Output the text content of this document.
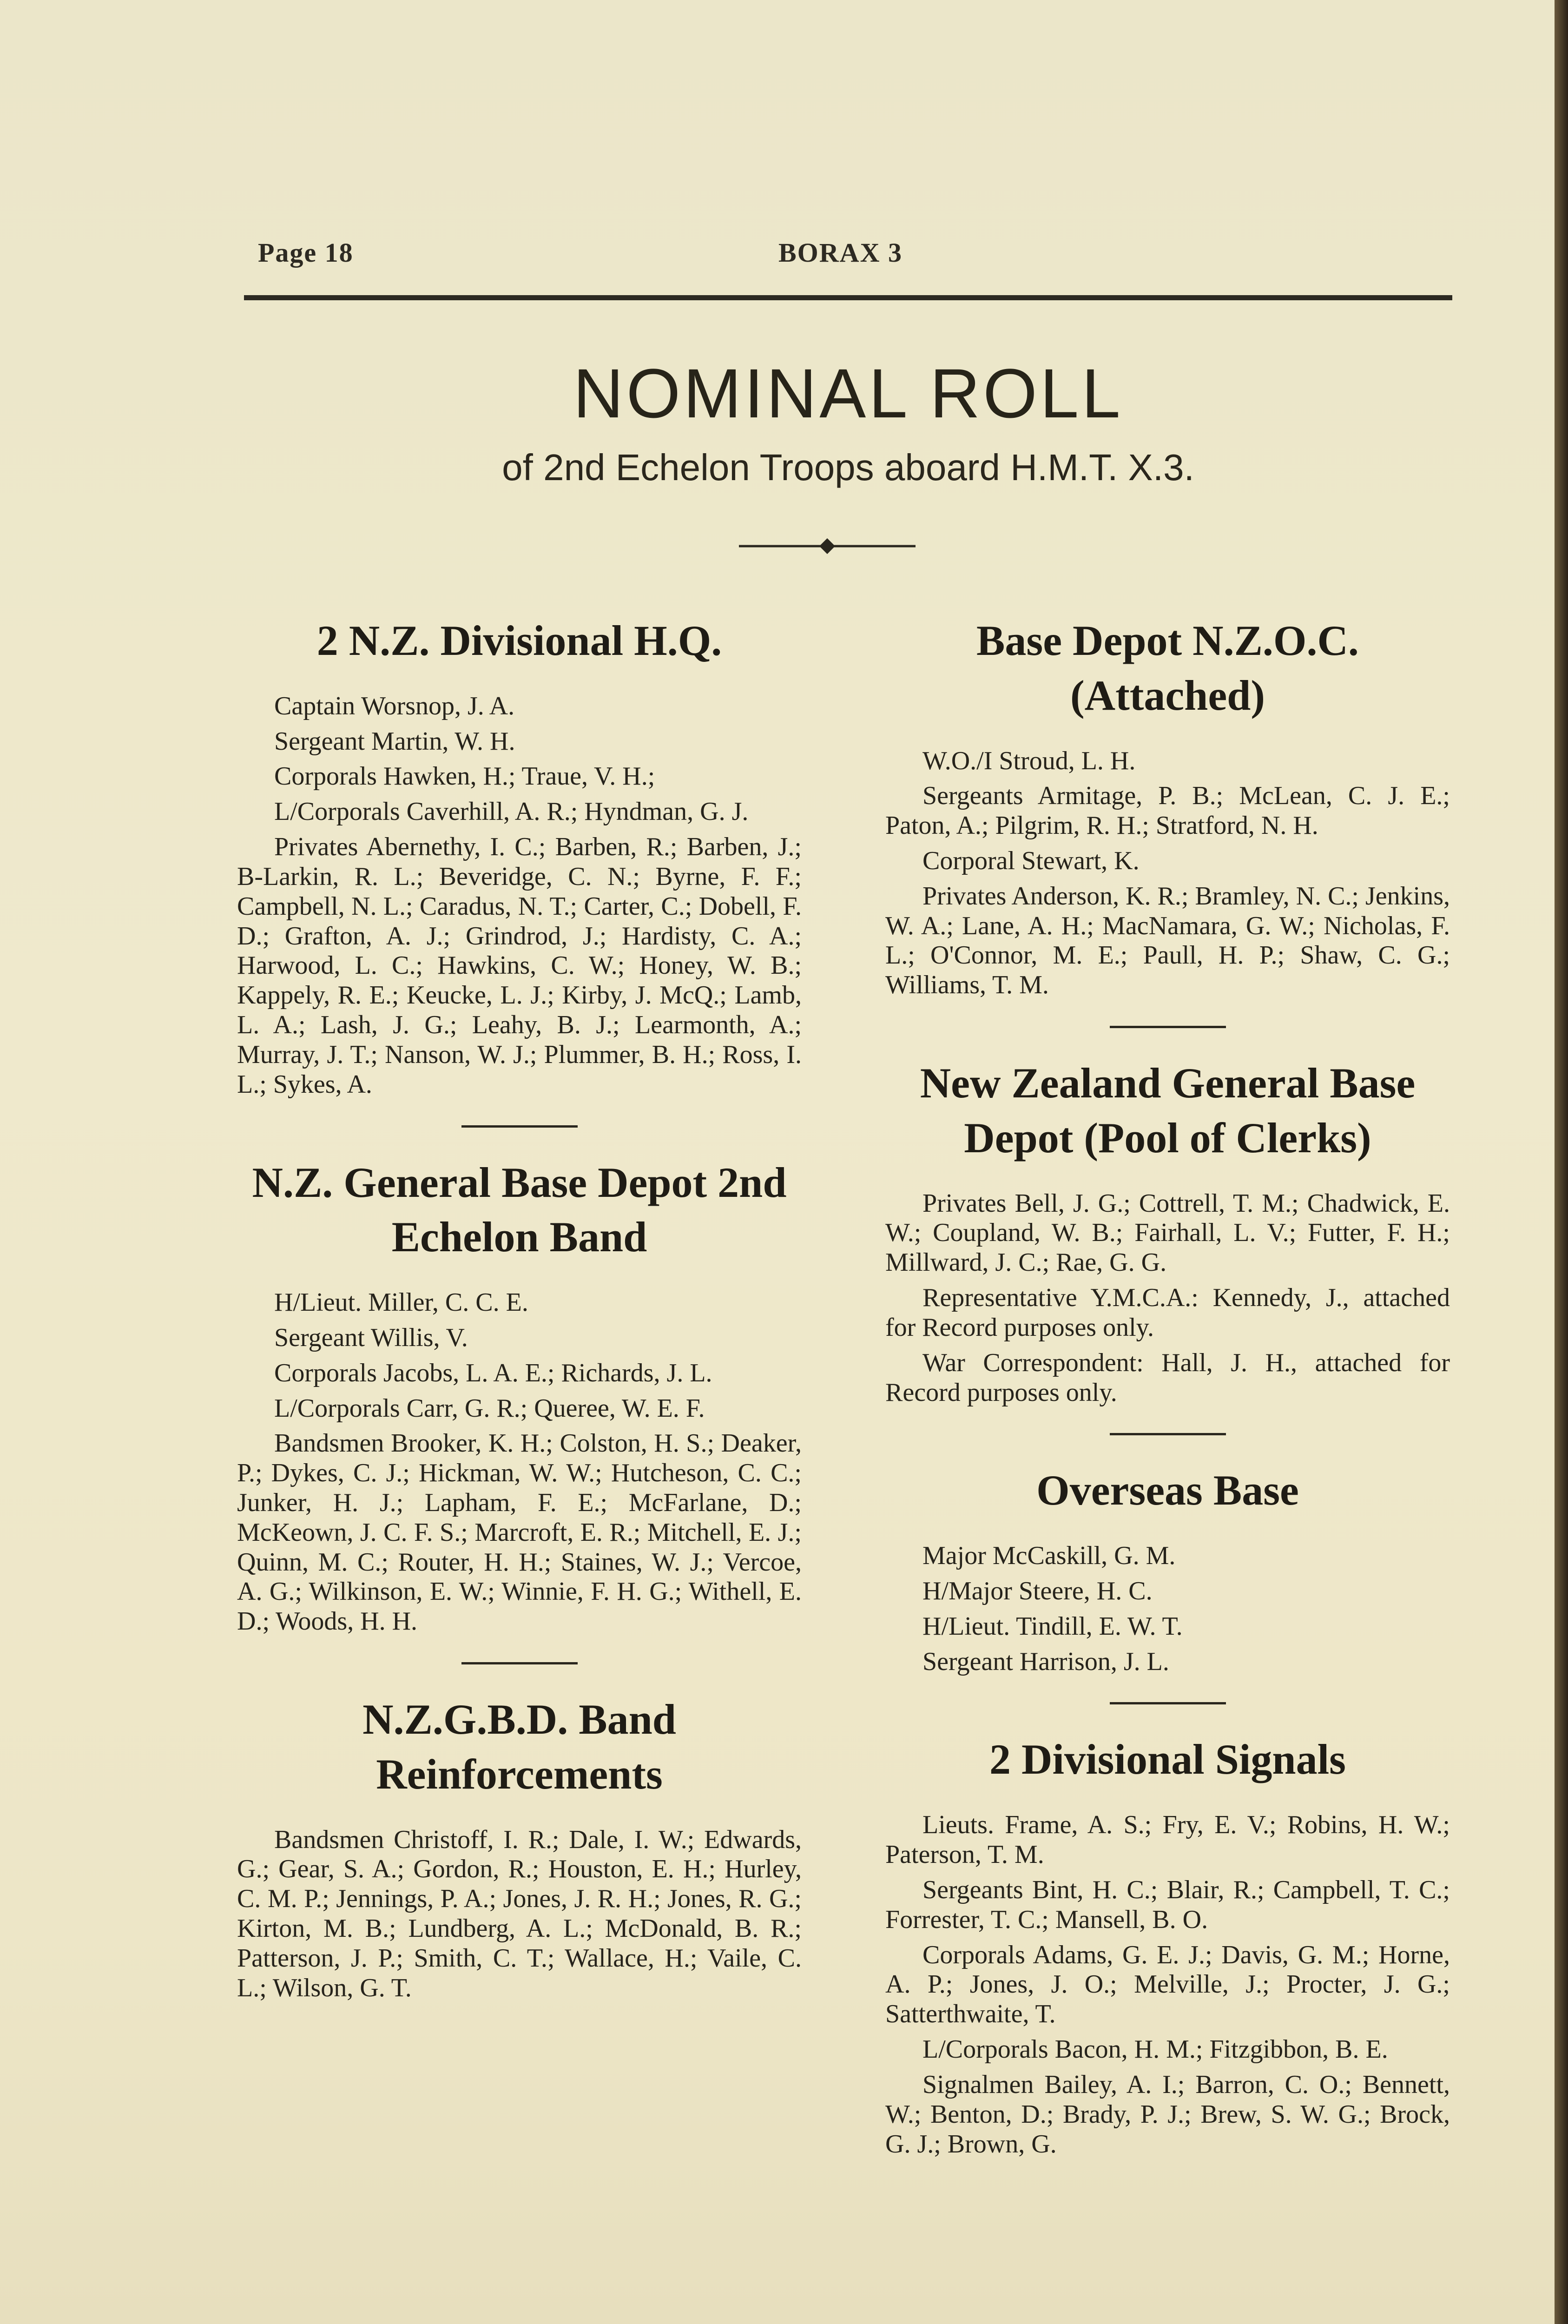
Page 18	BORAX 3
NOMINAL ROLL
of 2nd Echelon Troops aboard H.M.T. X.3.
2 N.Z. Divisional H.Q.

Captain Worsnop, J. A.

Sergeant Martin, W. H.

Corporals Hawken, H.; Traue, V. H.;

L/Corporals Caverhill, A. R.; Hyndman, G. J.

Privates Abernethy, I. C.; Barben, R.; Barben, J.; B-Larkin, R. L.; Beveridge, C. N.; Byrne, F. F.; Campbell, N. L.; Caradus, N. T.; Carter, C.; Dobell, F. D.; Grafton, A. J.; Grindrod, J.; Hardisty, C. A.; Harwood, L. C.; Hawkins, C. W.; Honey, W. B.; Kappely, R. E.; Keucke, L. J.; Kirby, J. McQ.; Lamb, L. A.; Lash, J. G.; Leahy, B. J.; Learmonth, A.; Murray, J. T.; Nanson, W. J.; Plummer, B. H.; Ross, I. L.; Sykes, A.

N.Z. General Base Depot 2nd Echelon Band

H/Lieut. Miller, C. C. E.

Sergeant Willis, V.

Corporals Jacobs, L. A. E.; Richards, J. L.

L/Corporals Carr, G. R.; Queree, W. E. F.

Bandsmen Brooker, K. H.; Colston, H. S.; Deaker, P.; Dykes, C. J.; Hickman, W. W.; Hutcheson, C. C.; Junker, H. J.; Lapham, F. E.; McFarlane, D.; McKeown, J. C. F. S.; Marcroft, E. R.; Mitchell, E. J.; Quinn, M. C.; Router, H. H.; Staines, W. J.; Vercoe, A. G.; Wilkinson, E. W.; Winnie, F. H. G.; Withell, E. D.; Woods, H. H.

N.Z.G.B.D. Band Reinforcements

Bandsmen Christoff, I. R.; Dale, I. W.; Edwards, G.; Gear, S. A.; Gordon, R.; Houston, E. H.; Hurley, C. M. P.; Jennings, P. A.; Jones, J. R. H.; Jones, R. G.; Kirton, M. B.; Lundberg, A. L.; McDonald, B. R.; Patterson, J. P.; Smith, C. T.; Wallace, H.; Vaile, C. L.; Wilson, G. T.

Base Depot N.Z.O.C. (Attached)

W.O./I Stroud, L. H.

Sergeants Armitage, P. B.; McLean, C. J. E.; Paton, A.; Pilgrim, R. H.; Stratford, N. H.

Corporal Stewart, K.

Privates Anderson, K. R.; Bramley, N. C.; Jenkins, W. A.; Lane, A. H.; MacNamara, G. W.; Nicholas, F. L.; O'Connor, M. E.; Paull, H. P.; Shaw, C. G.; Williams, T. M.

New Zealand General Base Depot (Pool of Clerks)

Privates Bell, J. G.; Cottrell, T. M.; Chadwick, E. W.; Coupland, W. B.; Fairhall, L. V.; Futter, F. H.; Millward, J. C.; Rae, G. G.

Representative Y.M.C.A.: Kennedy, J., attached for Record purposes only.

War Correspondent: Hall, J. H., attached for Record purposes only.

Overseas Base

Major McCaskill, G. M.

H/Major Steere, H. C.

H/Lieut. Tindill, E. W. T.

Sergeant Harrison, J. L.

2 Divisional Signals

Lieuts. Frame, A. S.; Fry, E. V.; Robins, H. W.; Paterson, T. M.

Sergeants Bint, H. C.; Blair, R.; Campbell, T. C.; Forrester, T. C.; Mansell, B. O.

Corporals Adams, G. E. J.; Davis, G. M.; Horne, A. P.; Jones, J. O.; Melville, J.; Procter, J. G.; Satterthwaite, T.

L/Corporals Bacon, H. M.; Fitzgibbon, B. E.

Signalmen Bailey, A. I.; Barron, C. O.; Bennett, W.; Benton, D.; Brady, P. J.; Brew, S. W. G.; Brock, G. J.; Brown, G.
